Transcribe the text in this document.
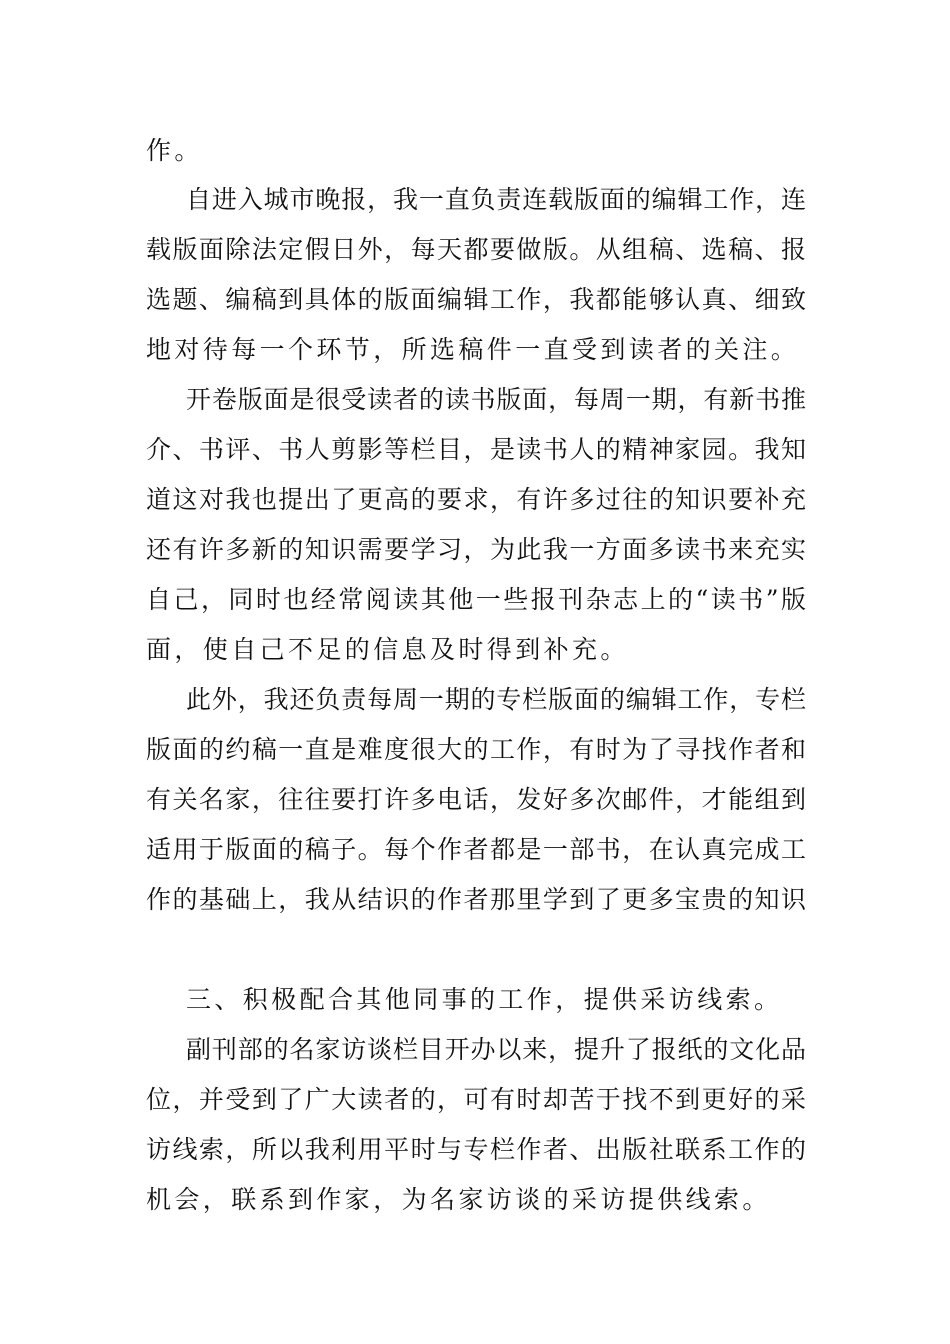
作。
自进入城市晚报，我一直负责连载版面的编辑工作，连
载版面除法定假日外，每天都要做版。从组稿、选稿、报
选题、编稿到具体的版面编辑工作，我都能够认真、细致
地对待每一个环节，所选稿件一直受到读者的关注。
开卷版面是很受读者的读书版面，每周一期，有新书推
介、书评、书人剪影等栏目，是读书人的精神家园。我知
道这对我也提出了更高的要求，有许多过往的知识要补充
还有许多新的知识需要学习，为此我一方面多读书来充实
自己，同时也经常阅读其他一些报刊杂志上的“读书”版
面，使自己不足的信息及时得到补充。
此外，我还负责每周一期的专栏版面的编辑工作，专栏
版面的约稿一直是难度很大的工作，有时为了寻找作者和
有关名家，往往要打许多电话，发好多次邮件，才能组到
适用于版面的稿子。每个作者都是一部书，在认真完成工
作的基础上，我从结识的作者那里学到了更多宝贵的知识
三、积极配合其他同事的工作，提供采访线索。
副刊部的名家访谈栏目开办以来，提升了报纸的文化品
位，并受到了广大读者的，可有时却苦于找不到更好的采
访线索，所以我利用平时与专栏作者、出版社联系工作的
机会，联系到作家，为名家访谈的采访提供线索。
